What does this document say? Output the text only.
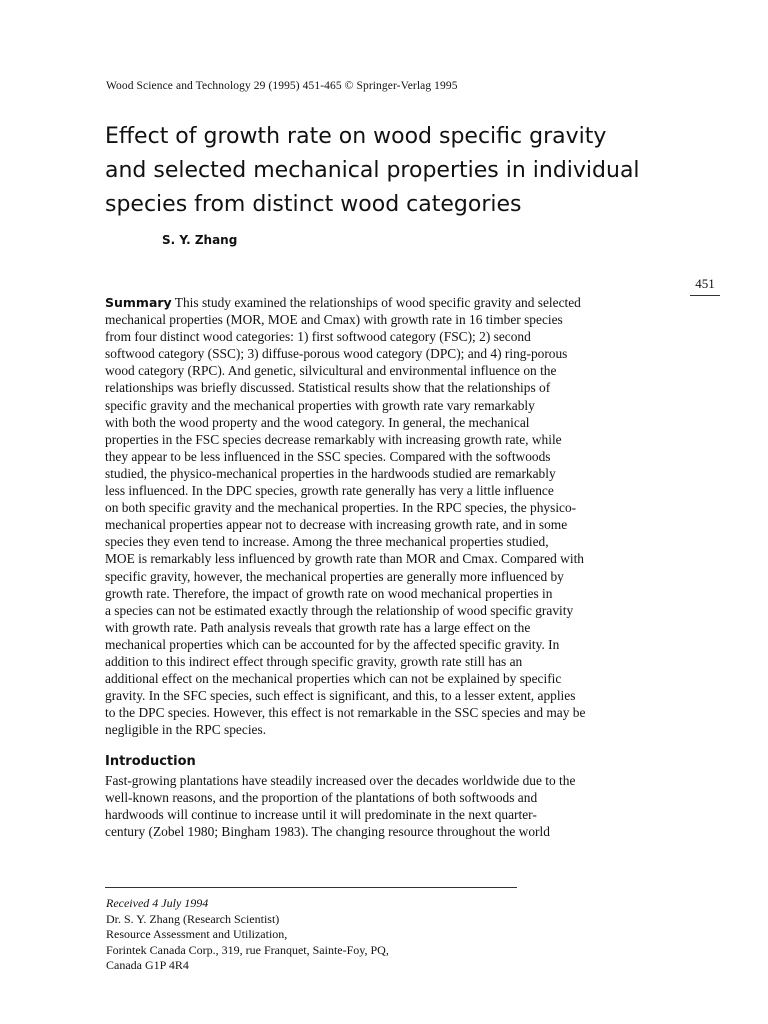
Wood Science and Technology 29 (1995) 451-465 © Springer-Verlag 1995
Effect of growth rate on wood specific gravity
and selected mechanical properties in individual
species from distinct wood categories
S. Y. Zhang
451
Summary This study examined the relationships of wood specific gravity and selected
mechanical properties (MOR, MOE and Cmax) with growth rate in 16 timber species
from four distinct wood categories: 1) first softwood category (FSC); 2) second
softwood category (SSC); 3) diffuse-porous wood category (DPC); and 4) ring-porous
wood category (RPC). And genetic, silvicultural and environmental influence on the
relationships was briefly discussed. Statistical results show that the relationships of
specific gravity and the mechanical properties with growth rate vary remarkably
with both the wood property and the wood category. In general, the mechanical
properties in the FSC species decrease remarkably with increasing growth rate, while
they appear to be less influenced in the SSC species. Compared with the softwoods
studied, the physico-mechanical properties in the hardwoods studied are remarkably
less influenced. In the DPC species, growth rate generally has very a little influence
on both specific gravity and the mechanical properties. In the RPC species, the physico-
mechanical properties appear not to decrease with increasing growth rate, and in some
species they even tend to increase. Among the three mechanical properties studied,
MOE is remarkably less influenced by growth rate than MOR and Cmax. Compared with
specific gravity, however, the mechanical properties are generally more influenced by
growth rate. Therefore, the impact of growth rate on wood mechanical properties in
a species can not be estimated exactly through the relationship of wood specific gravity
with growth rate. Path analysis reveals that growth rate has a large effect on the
mechanical properties which can be accounted for by the affected specific gravity. In
addition to this indirect effect through specific gravity, growth rate still has an
additional effect on the mechanical properties which can not be explained by specific
gravity. In the SFC species, such effect is significant, and this, to a lesser extent, applies
to the DPC species. However, this effect is not remarkable in the SSC species and may be
negligible in the RPC species.
Introduction
Fast-growing plantations have steadily increased over the decades worldwide due to the
well-known reasons, and the proportion of the plantations of both softwoods and
hardwoods will continue to increase until it will predominate in the next quarter-
century (Zobel 1980; Bingham 1983). The changing resource throughout the world
Received 4 July 1994
Dr. S. Y. Zhang (Research Scientist)
Resource Assessment and Utilization,
Forintek Canada Corp., 319, rue Franquet, Sainte-Foy, PQ,
Canada G1P 4R4
